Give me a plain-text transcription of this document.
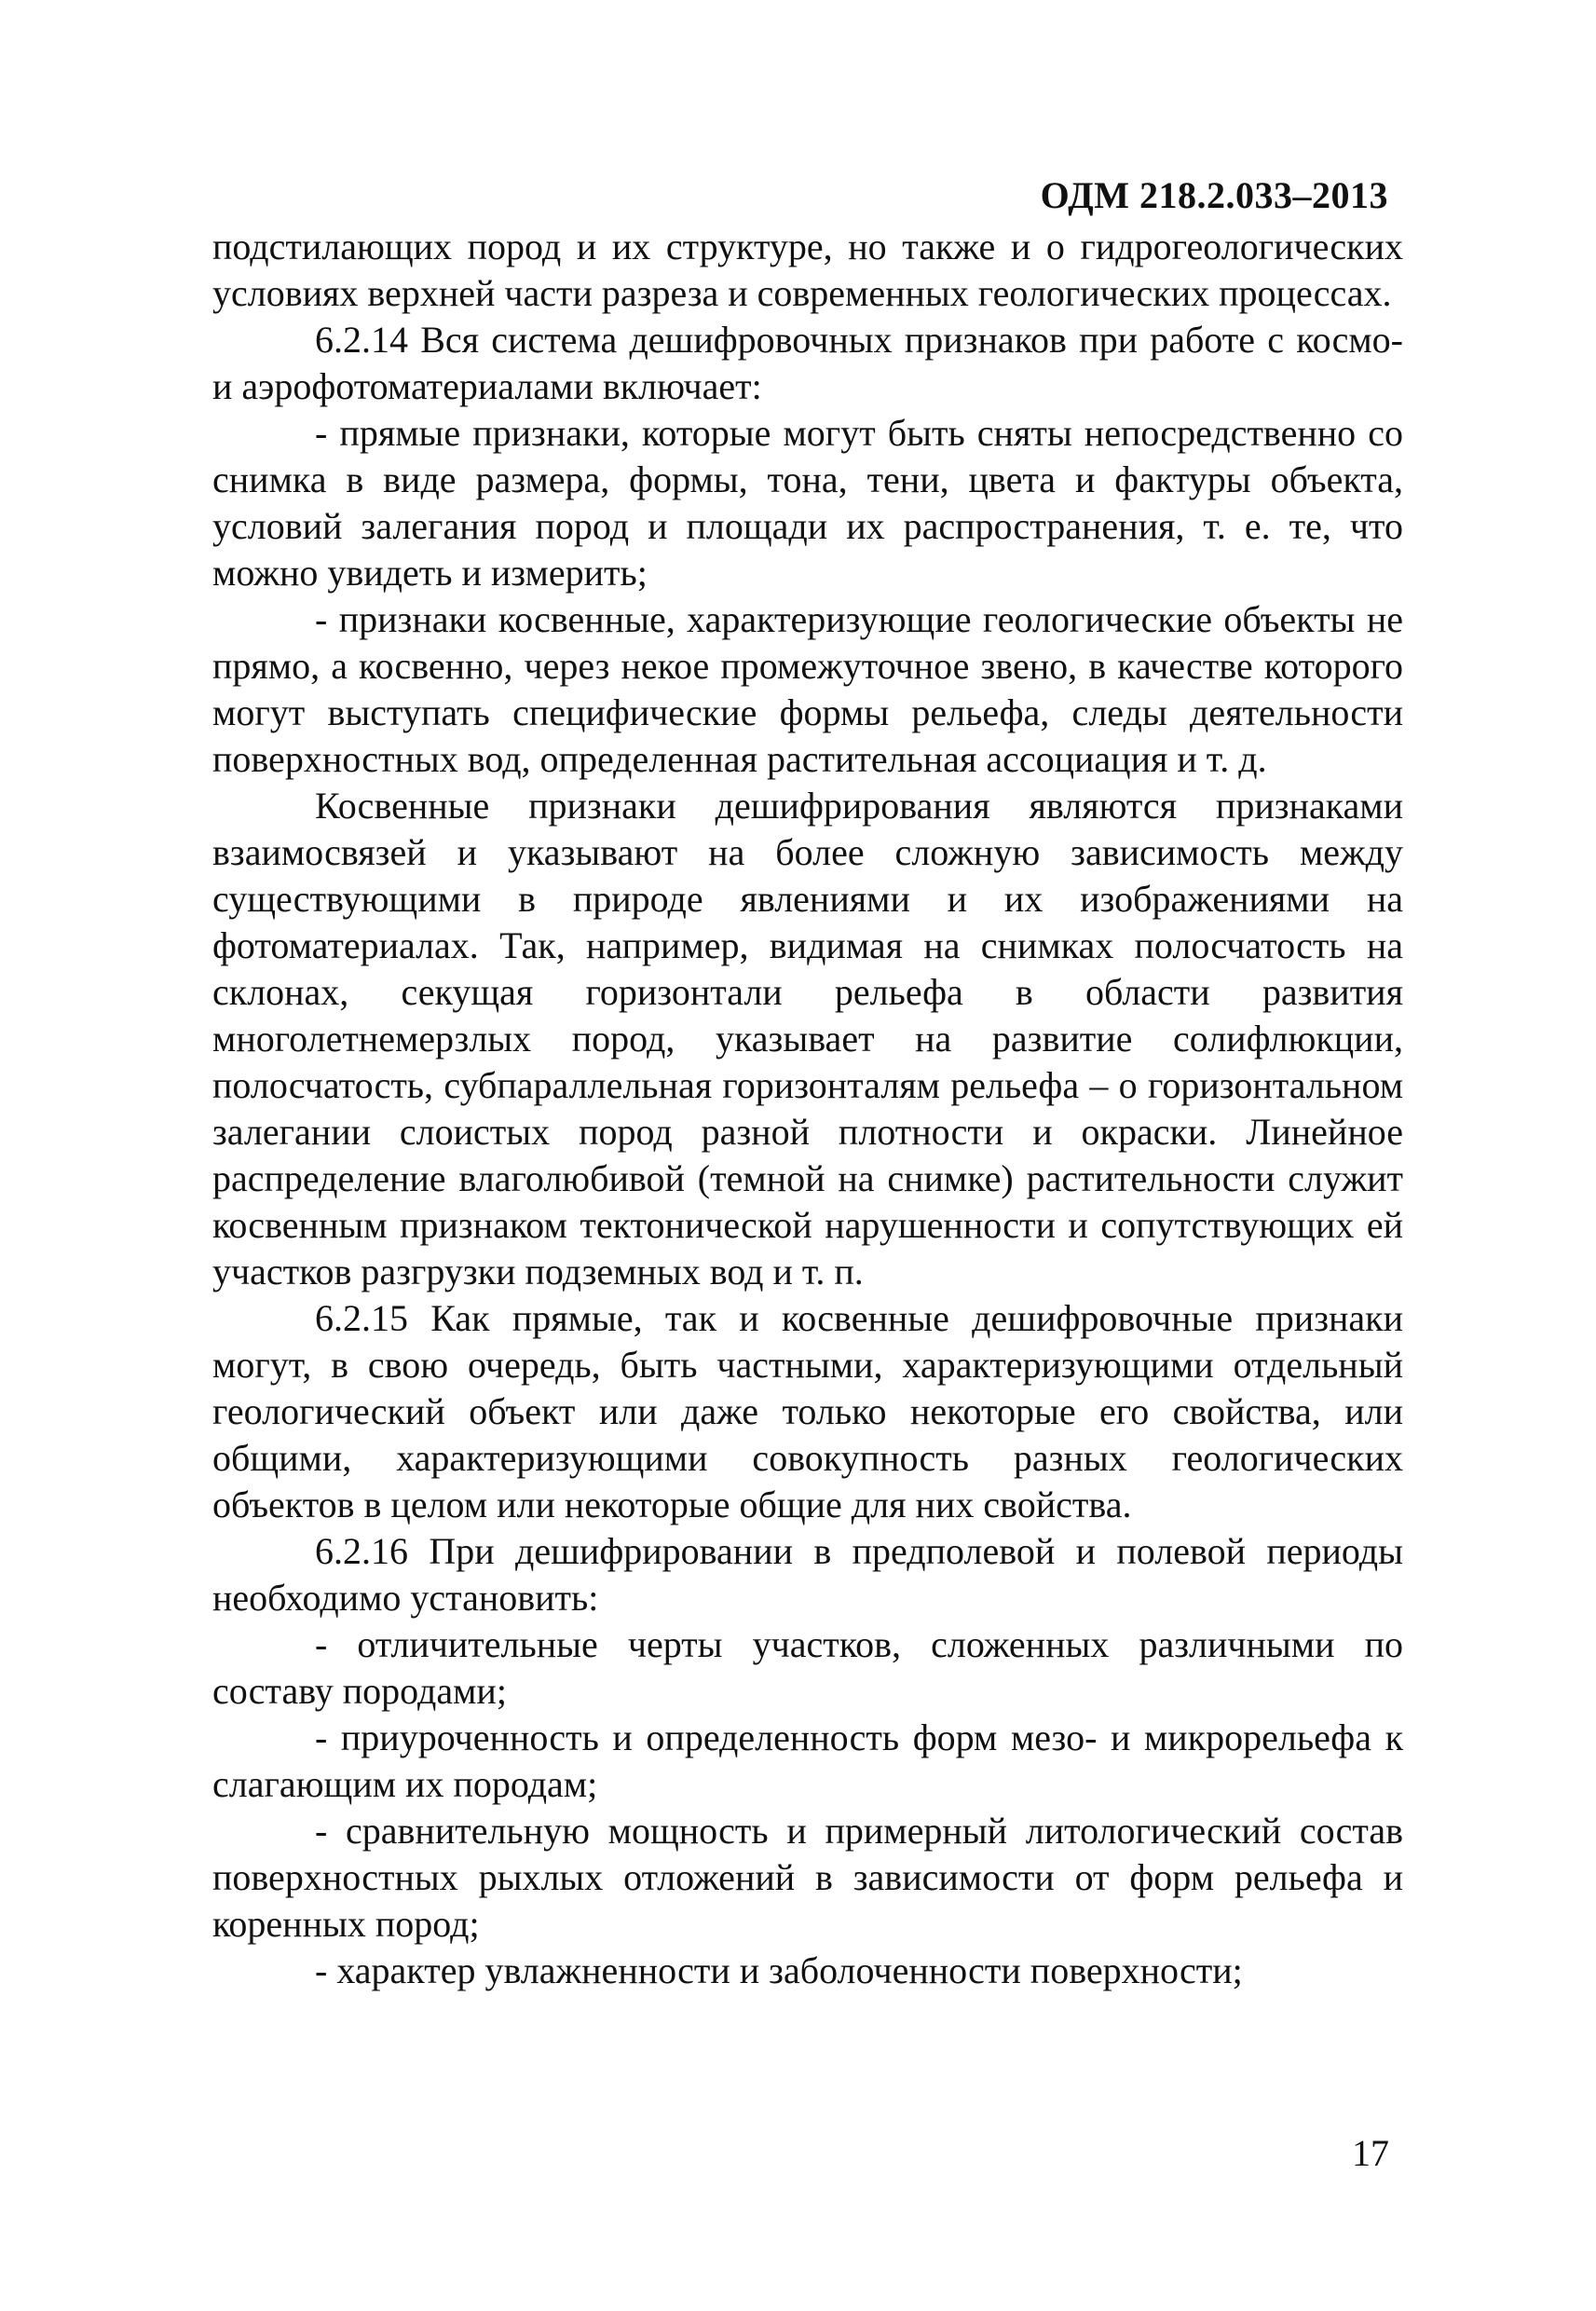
ОДМ 218.2.033–2013

подстилающих пород и их структуре, но также и о гидрогеологических условиях верхней части разреза и современных геологических процессах.

6.2.14 Вся система дешифровочных признаков при работе с космо- и аэрофотоматериалами включает:

- прямые признаки, которые могут быть сняты непосредственно со снимка в виде размера, формы, тона, тени, цвета и фактуры объекта, условий залегания пород и площади их распространения, т. е. те, что можно увидеть и измерить;

- признаки косвенные, характеризующие геологические объекты не прямо, а косвенно, через некое промежуточное звено, в качестве которого могут выступать специфические формы рельефа, следы деятельности поверхностных вод, определенная растительная ассоциация и т. д.

Косвенные признаки дешифрирования являются признаками взаимосвязей и указывают на более сложную зависимость между существующими в природе явлениями и их изображениями на фотоматериалах. Так, например, видимая на снимках полосчатость на склонах, секущая горизонтали рельефа в области развития многолетнемерзлых пород, указывает на развитие солифлюкции, полосчатость, субпараллельная горизонталям рельефа – о горизонтальном залегании слоистых пород разной плотности и окраски. Линейное распределение влаголюбивой (темной на снимке) растительности служит косвенным признаком тектонической нарушенности и сопутствующих ей участков разгрузки подземных вод и т. п.

6.2.15 Как прямые, так и косвенные дешифровочные признаки могут, в свою очередь, быть частными, характеризующими отдельный геологический объект или даже только некоторые его свойства, или общими, характеризующими совокупность разных геологических объектов в целом или некоторые общие для них свойства.

6.2.16 При дешифрировании в предполевой и полевой периоды необходимо установить:

- отличительные черты участков, сложенных различными по составу породами;

- приуроченность и определенность форм мезо- и микрорельефа к слагающим их породам;

- сравнительную мощность и примерный литологический состав поверхностных рыхлых отложений в зависимости от форм рельефа и коренных пород;

- характер увлажненности и заболоченности поверхности;

17
